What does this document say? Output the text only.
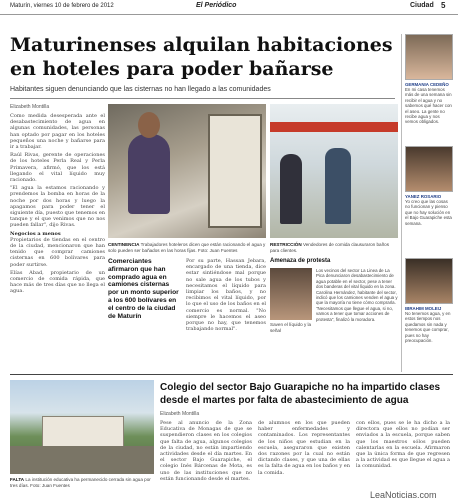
Maturín, viernes 10 de febrero de 2012	El Periódico	Ciudad 5
Maturinenses alquilan habitaciones en hoteles para poder bañarse
Habitantes siguen denunciando que las cisternas no han llegado a las comunidades
Elizabeth Montilla

Como medida desesperada ante el desabastecimiento de agua en algunas comunidades, las personas han optado por pagar en los hoteles pequeños una noche y bañarse para ir a trabajar.

Raúl Rivas, gerente de operaciones de los hoteles Perla Real y Perla Primavera, afirmó, que los está llegando el vital líquido muy racionado.

"El agua la estamos racionando y prendemos la bomba en horas de la noche por dos horas y luego la apagamos para poder tener el siguiente día, puesto que tenemos en tanque y el que venimos que no nos pueden fallar", dijo Rivas.

Negocios a menos

Propietarios de tiendas en el centro de la ciudad, mencionaron que han tenido que comprar camiones cisternas en 600 bolívares para poder surtirse.

Elías Abad, propietario de un comercio de comida rápida, que hace más de tres días que no llega el agua.

CENTINENCIA Trabajadores hoteleros dicen que están racionando el agua y solo pueden ser bañados en las horas fijas. Foto: Juan Fuentes
RESTRICCIÓN Vendedores de comida clausuraron baños para clientes.
Comerciantes afirmaron que han comprado agua en camiones cisternas por un monto superior a los 600 bolívares en el centro de la ciudad de Maturín
Por su parte, Hassan Jebara, encargado de una tienda, dice estar sintiéndose mal porque no sale agua de los tubos y necesitamos el líquido para limpiar los baños, y no recibimos el vital líquido, por lo que el uso de los baños en el comercio es normal. "No siempre le hacemos el aseo porque no hay, que tenemos trabajando normal".
Amenaza de protesta
Los vecinos del sector La Linea de La Pica denunciaron desabastecimiento de agua potable en el sector, pese a tener dos banderas del vital líquido en la zona. Carolina Hernández, habitante del sector, indicó que los camiones venden el agua y que la mayoría no tiene cómo comprarla. "Necesitamos que llegue el agua, si no, vamos a tener que tomar acciones de protesta", finalizó la moradora.
Saven el líquido y la señal
GERMANIA CEDEÑO
En mi casa tenemos más de una semana sin recibir el agua y no sabemos qué hacer con el aseo. La gente no recibe agua y nos vemos obligados.
YANEZ ROSARIO
Yo creo que las cosas no funcionan y pienso que no hay solución en el Bajo Guarapiche esta semana.
IBRAHIM MOLEIJ
No tenemos agua, y en estos tiempos nos quedamos sin nada y tenemos que comprar, pues no hay preocupación.
FALTA La institución educativa ha permanecido cerrada sin agua por tres días. Foto: Juan Fuentes
Colegio del sector Bajo Guarapiche no ha impartido clases desde el martes por falta de abastecimiento de agua
Elizabeth Montilla
Pese al anuncio de la Zona Educativa de Monagas de que se suspendieron clases en los colegios que falta de agua, algunos colegios de la ciudad, no están impartiendo actividades desde el día martes. En el sector Bajo Guarapiche, el colegio Inés Bárcenas de Mota, es uno de las instituciones que no están funcionando desde el martes.
de alumnos en los que pueden haber enfermedades y contaminados. Los representantes de los niños que estudian en la escuela, aseguraron que existen dos razones por la cual no están dictando clases, y que una de ellas es la falta de agua en los baños y en la comida.
con ellos, pues se le ha dicho a la directora que ellos no podían ser enviados a la escuela, porque saben que los maestros sólos pueden calentarlas en la escuela. Afirmaron que la única forma de que regresen a la actividad es que llegue el agua a la comunidad.
LeaNoticias.com
